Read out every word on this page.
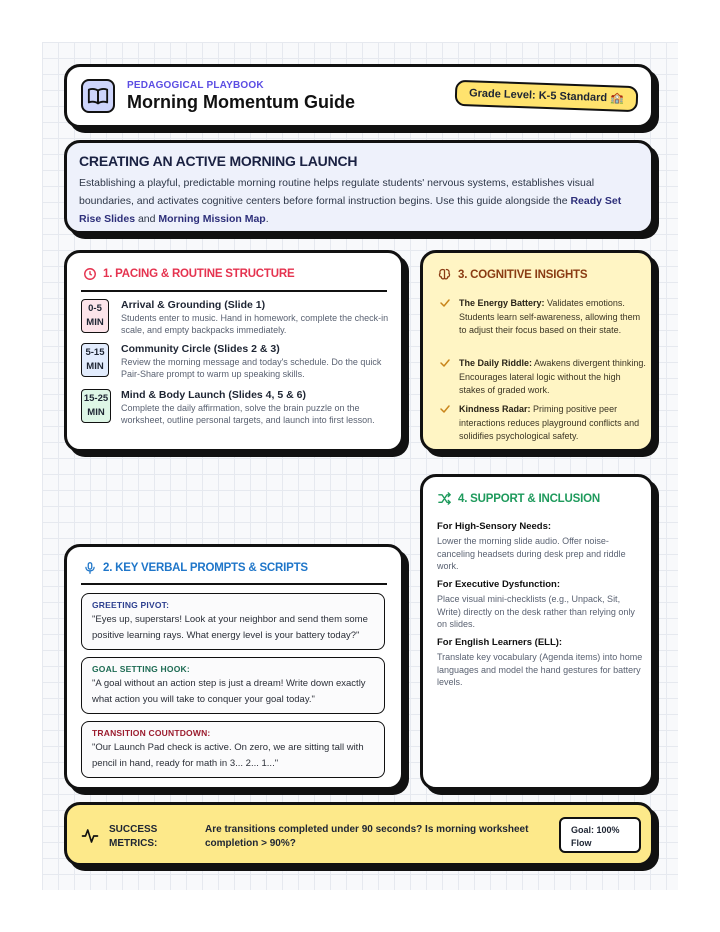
PEDAGOGICAL PLAYBOOK
Morning Momentum Guide	Grade Level: K-5 Standard 🏫
CREATING AN ACTIVE MORNING LAUNCH
Establishing a playful, predictable morning routine helps regulate students' nervous systems, establishes visual boundaries, and activates cognitive centers before formal instruction begins. Use this guide alongside the Ready Set Rise Slides and Morning Mission Map.
1. PACING & ROUTINE STRUCTURE
0-5 MIN
Arrival & Grounding (Slide 1)
Students enter to music. Hand in homework, complete the check-in scale, and empty backpacks immediately.
5-15 MIN
Community Circle (Slides 2 & 3)
Review the morning message and today's schedule. Do the quick Pair-Share prompt to warm up speaking skills.
15-25 MIN
Mind & Body Launch (Slides 4, 5 & 6)
Complete the daily affirmation, solve the brain puzzle on the worksheet, outline personal targets, and launch into first lesson.
3. COGNITIVE INSIGHTS
The Energy Battery: Validates emotions. Students learn self-awareness, allowing them to adjust their focus based on their state.
The Daily Riddle: Awakens divergent thinking. Encourages lateral logic without the high stakes of graded work.
Kindness Radar: Priming positive peer interactions reduces playground conflicts and solidifies psychological safety.
4. SUPPORT & INCLUSION
For High-Sensory Needs:
Lower the morning slide audio. Offer noise-canceling headsets during desk prep and riddle work.
For Executive Dysfunction:
Place visual mini-checklists (e.g., Unpack, Sit, Write) directly on the desk rather than relying only on slides.
For English Learners (ELL):
Translate key vocabulary (Agenda items) into home languages and model the hand gestures for battery levels.
2. KEY VERBAL PROMPTS & SCRIPTS
GREETING PIVOT:
"Eyes up, superstars! Look at your neighbor and send them some positive learning rays. What energy level is your battery today?"
GOAL SETTING HOOK:
"A goal without an action step is just a dream! Write down exactly what action you will take to conquer your goal today."
TRANSITION COUNTDOWN:
"Our Launch Pad check is active. On zero, we are sitting tall with pencil in hand, ready for math in 3... 2... 1..."
SUCCESS METRICS:
Are transitions completed under 90 seconds? Is morning worksheet completion > 90%?
Goal: 100% Flow
